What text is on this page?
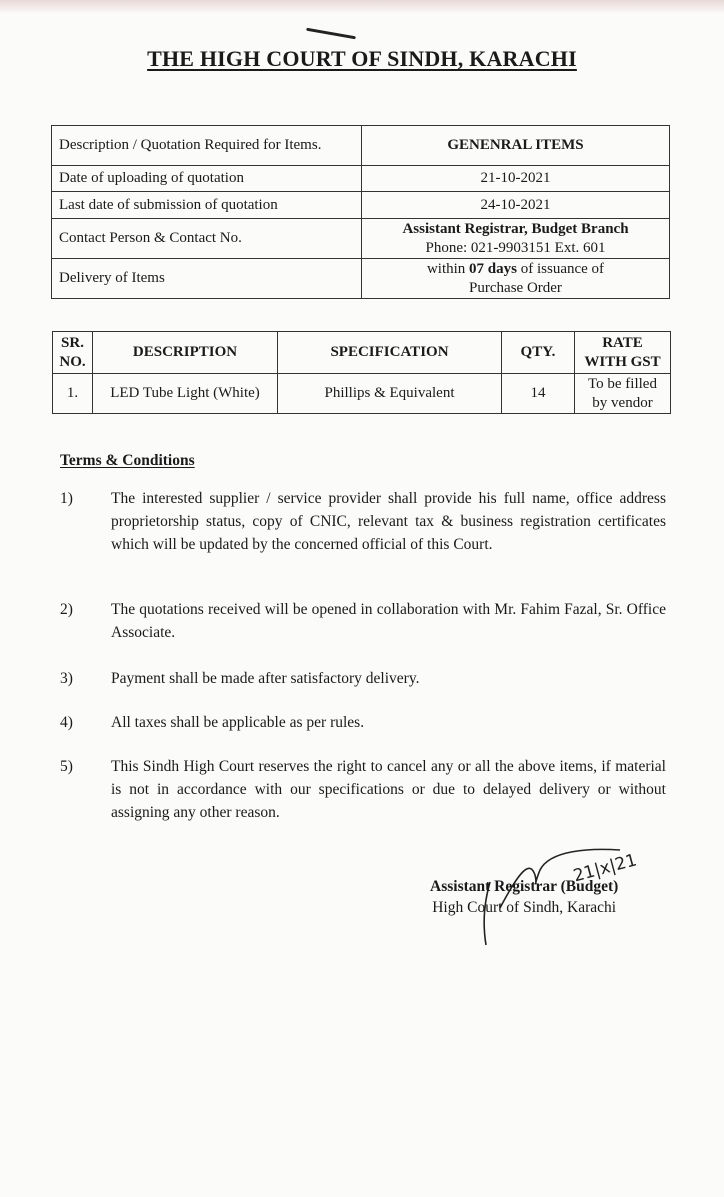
THE HIGH COURT OF SINDH, KARACHI
Description / Quotation Required for Items.	GENENRAL ITEMS
Date of uploading of quotation	21-10-2021
Last date of submission of quotation	24-10-2021
Contact Person & Contact No.	Assistant Registrar, Budget Branch
Phone: 021-9903151 Ext. 601

Delivery of Items	within 07 days of issuance of
Purchase Order
SR. NO.	DESCRIPTION	SPECIFICATION	QTY.	RATE WITH GST

1.	LED Tube Light (White)	Phillips & Equivalent	14	To be filled by vendor
Terms & Conditions
1) The interested supplier / service provider shall provide his full name, office address proprietorship status, copy of CNIC, relevant tax & business registration certificates which will be updated by the concerned official of this Court.
2) The quotations received will be opened in collaboration with Mr. Fahim Fazal, Sr. Office Associate.
3) Payment shall be made after satisfactory delivery.
4) All taxes shall be applicable as per rules.
5) This Sindh High Court reserves the right to cancel any or all the above items, if material is not in accordance with our specifications or due to delayed delivery or without assigning any other reason.
21|x|21
Assistant Registrar (Budget)
High Court of Sindh, Karachi
